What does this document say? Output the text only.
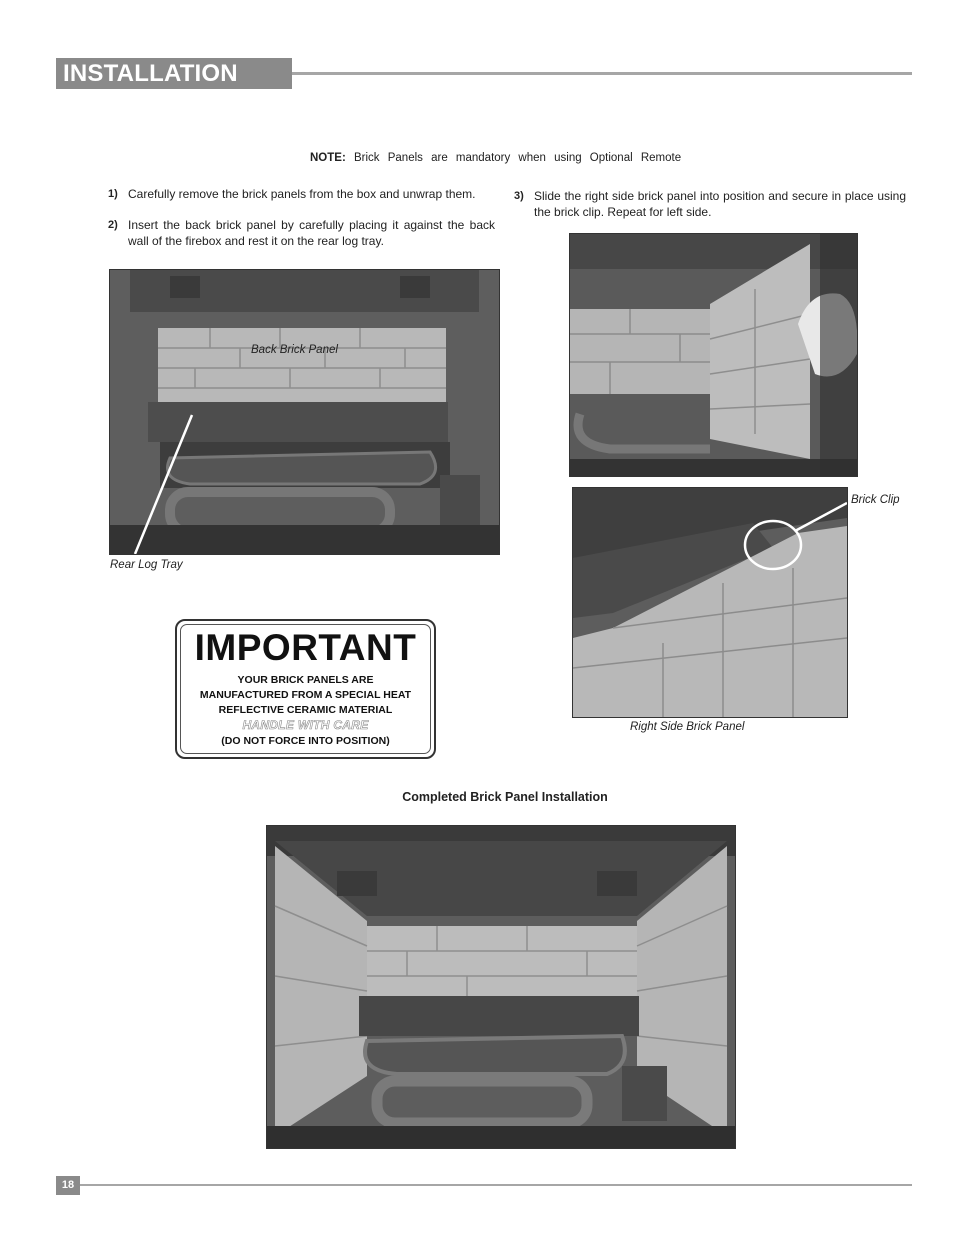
INSTALLATION
NOTE: Brick Panels are mandatory when using Optional Remote
1) Carefully remove the brick panels from the box and unwrap them.
2) Insert the back brick panel by carefully placing it against the back wall of the firebox and rest it on the rear log tray.
3) Slide the right side brick panel into position and secure in place using the brick clip. Repeat for left side.
Back Brick Panel
Rear Log Tray
Brick Clip
Right Side Brick Panel
IMPORTANT
YOUR BRICK PANELS ARE
MANUFACTURED FROM A SPECIAL HEAT
REFLECTIVE CERAMIC MATERIAL
HANDLE WITH CARE
(DO NOT FORCE INTO POSITION)
Completed Brick Panel Installation
18
